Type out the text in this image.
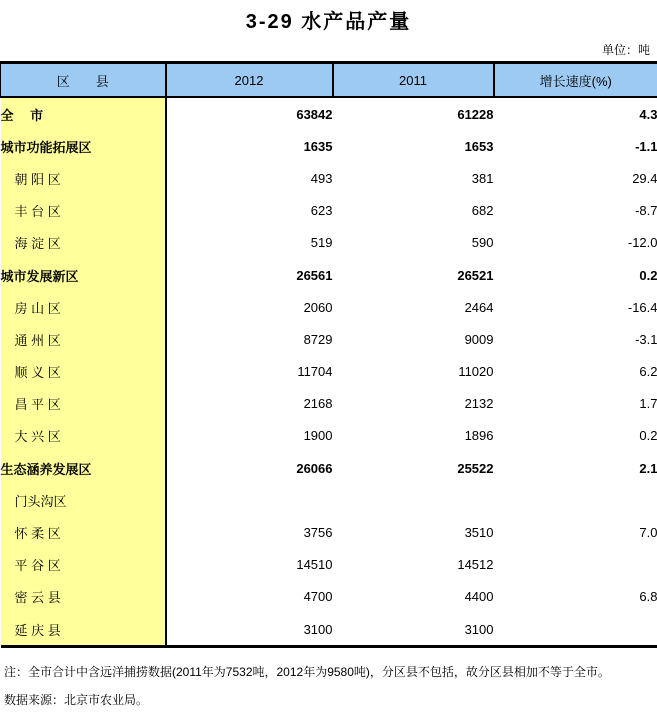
3-29 水产品产量
单位：吨
区　　县	2012	2011	增长速度(%)
全　 市	63842	61228	4.3
城市功能拓展区	1635	1653	-1.1
朝 阳 区	493	381	29.4
丰 台 区	623	682	-8.7
海 淀 区	519	590	-12.0
城市发展新区	26561	26521	0.2
房 山 区	2060	2464	-16.4
通 州 区	8729	9009	-3.1
顺 义 区	11704	11020	6.2
昌 平 区	2168	2132	1.7
大 兴 区	1900	1896	0.2
生态涵养发展区	26066	25522	2.1
门头沟区			
怀 柔 区	3756	3510	7.0
平 谷 区	14510	14512	
密 云 县	4700	4400	6.8
延 庆 县	3100	3100	
注：全市合计中含远洋捕捞数据(2011年为7532吨，2012年为9580吨)，分区县不包括，故分区县相加不等于全市。
数据来源：北京市农业局。
